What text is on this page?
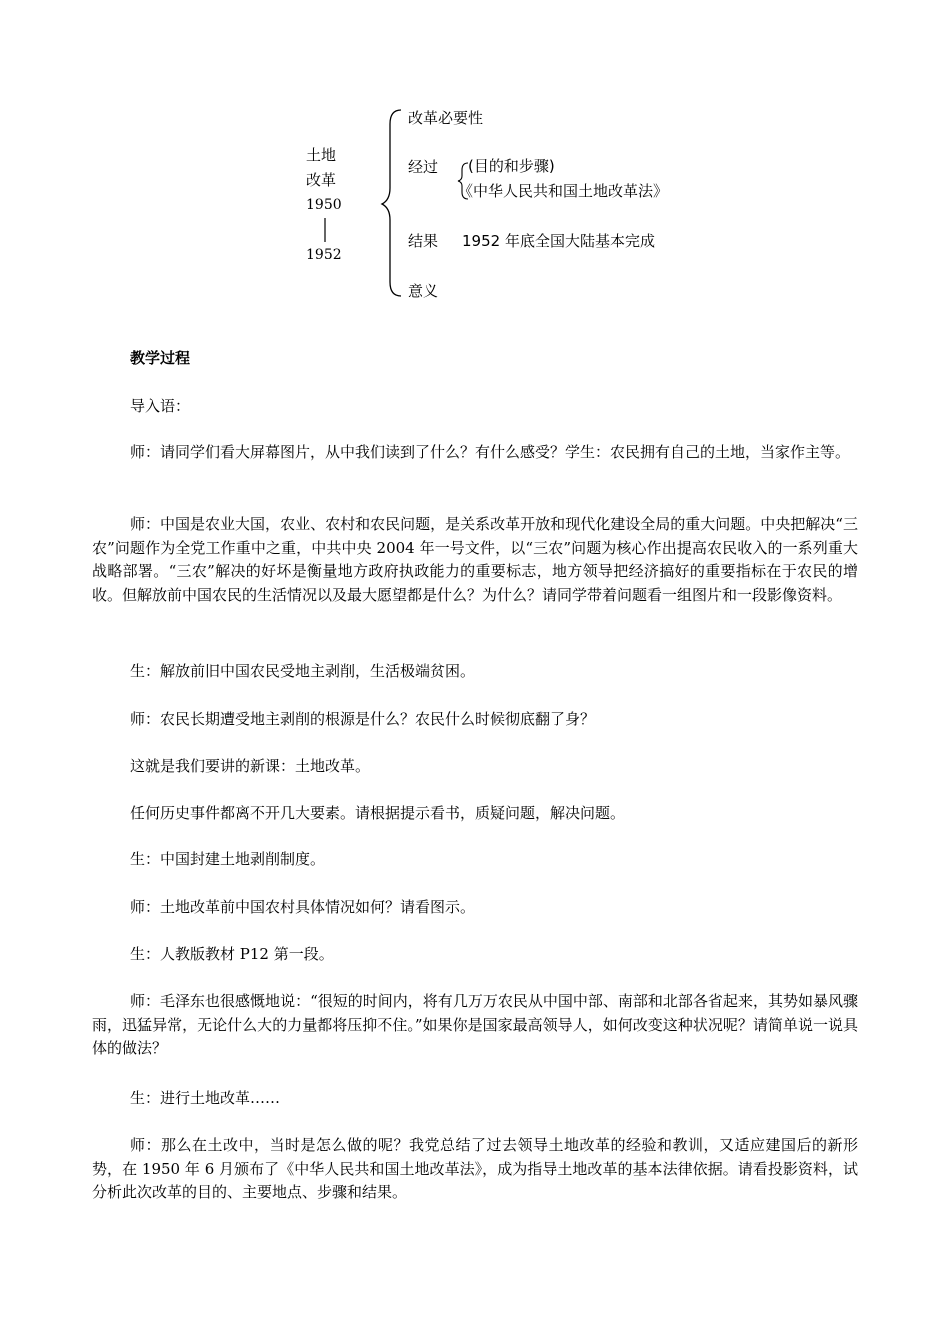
土地
改革
1950
1952
改革必要性
经过 (目的和步骤)
《中华人民共和国土地改革法》
结果 1952 年底全国大陆基本完成
意义

教学过程

导入语：

师：请同学们看大屏幕图片，从中我们读到了什么？有什么感受？学生：农民拥有自己的土地，当家作主等。

师：中国是农业大国，农业、农村和农民问题，是关系改革开放和现代化建设全局的重大问题。中央把解决“三农”问题作为全党工作重中之重，中共中央 2004 年一号文件，以“三农”问题为核心作出提高农民收入的一系列重大战略部署。“三农”解决的好坏是衡量地方政府执政能力的重要标志，地方领导把经济搞好的重要指标在于农民的增收。但解放前中国农民的生活情况以及最大愿望都是什么？为什么？请同学带着问题看一组图片和一段影像资料。

生：解放前旧中国农民受地主剥削，生活极端贫困。

师：农民长期遭受地主剥削的根源是什么？农民什么时候彻底翻了身？

这就是我们要讲的新课：土地改革。

任何历史事件都离不开几大要素。请根据提示看书，质疑问题，解决问题。

生：中国封建土地剥削制度。

师：土地改革前中国农村具体情况如何？请看图示。

生：人教版教材 P12 第一段。

师：毛泽东也很感慨地说：“很短的时间内，将有几万万农民从中国中部、南部和北部各省起来，其势如暴风骤雨，迅猛异常，无论什么大的力量都将压抑不住。”如果你是国家最高领导人，如何改变这种状况呢？请简单说一说具体的做法？

生：进行土地改革……

师：那么在土改中，当时是怎么做的呢？我党总结了过去领导土地改革的经验和教训，又适应建国后的新形势，在 1950 年 6 月颁布了《中华人民共和国土地改革法》，成为指导土地改革的基本法律依据。请看投影资料，试分析此次改革的目的、主要地点、步骤和结果。
